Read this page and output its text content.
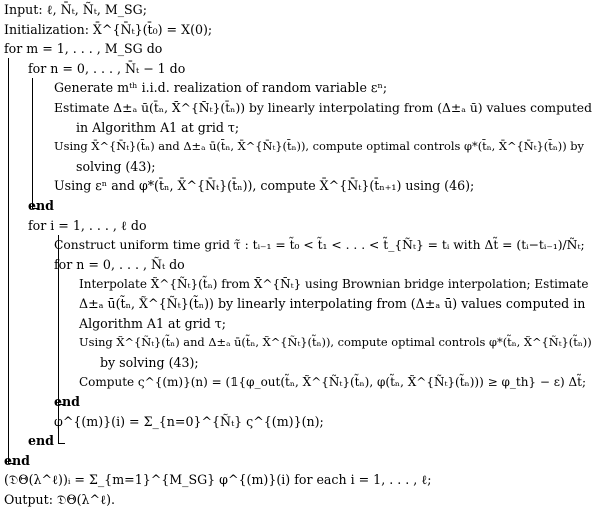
Input: ℓ, N̄ₜ, Ñₜ, M_SG;
Initialization: X̄^{N̄ₜ}(t̄₀) = X(0);
for m = 1, . . . , M_SG do
for n = 0, . . . , N̄ₜ − 1 do
Generate mᵗʰ i.i.d. realization of random variable εⁿ;
Estimate Δ±ₐ ū(t̄ₙ, X̄^{N̄ₜ}(t̄ₙ)) by linearly interpolating from (Δ±ₐ ū) values computed
in Algorithm A1 at grid τ;
Using X̄^{N̄ₜ}(t̄ₙ) and Δ±ₐ ū(t̄ₙ, X̄^{N̄ₜ}(t̄ₙ)), compute optimal controls φ*(t̄ₙ, X̄^{N̄ₜ}(t̄ₙ)) by
solving (43);
Using εⁿ and φ*(t̄ₙ, X̄^{N̄ₜ}(t̄ₙ)), compute X̄^{N̄ₜ}(t̄ₙ₊₁) using (46);
end
for i = 1, . . . , ℓ do
Construct uniform time grid τ̃ : tᵢ₋₁ = t̃₀ < t̃₁ < . . . < t̃_{Ñₜ} = tᵢ with Δt̃ = (tᵢ−tᵢ₋₁)/Ñₜ;
for n = 0, . . . , Ñₜ do
Interpolate X̃^{Ñₜ}(t̃ₙ) from X̄^{N̄ₜ} using Brownian bridge interpolation; Estimate
Δ±ₐ ū(t̃ₙ, X̃^{Ñₜ}(t̃ₙ)) by linearly interpolating from (Δ±ₐ ū) values computed in
Algorithm A1 at grid τ;
Using X̃^{Ñₜ}(t̃ₙ) and Δ±ₐ ū(t̃ₙ, X̃^{Ñₜ}(t̃ₙ)), compute optimal controls φ*(t̃ₙ, X̃^{Ñₜ}(t̃ₙ))
by solving (43);
Compute ς^{(m)}(n) = (𝟙{φ_out(t̃ₙ, X̃^{Ñₜ}(t̃ₙ), φ(t̃ₙ, X̃^{Ñₜ}(t̃ₙ))) ≥ φ_th} − ε) Δt̃;
end
φ^{(m)}(i) = Σ_{n=0}^{Ñₜ} ς^{(m)}(n);
end
end
(𝔇Θ(λ^ℓ))ᵢ = Σ_{m=1}^{M_SG} φ^{(m)}(i) for each i = 1, . . . , ℓ;
Output: 𝔇Θ(λ^ℓ).
